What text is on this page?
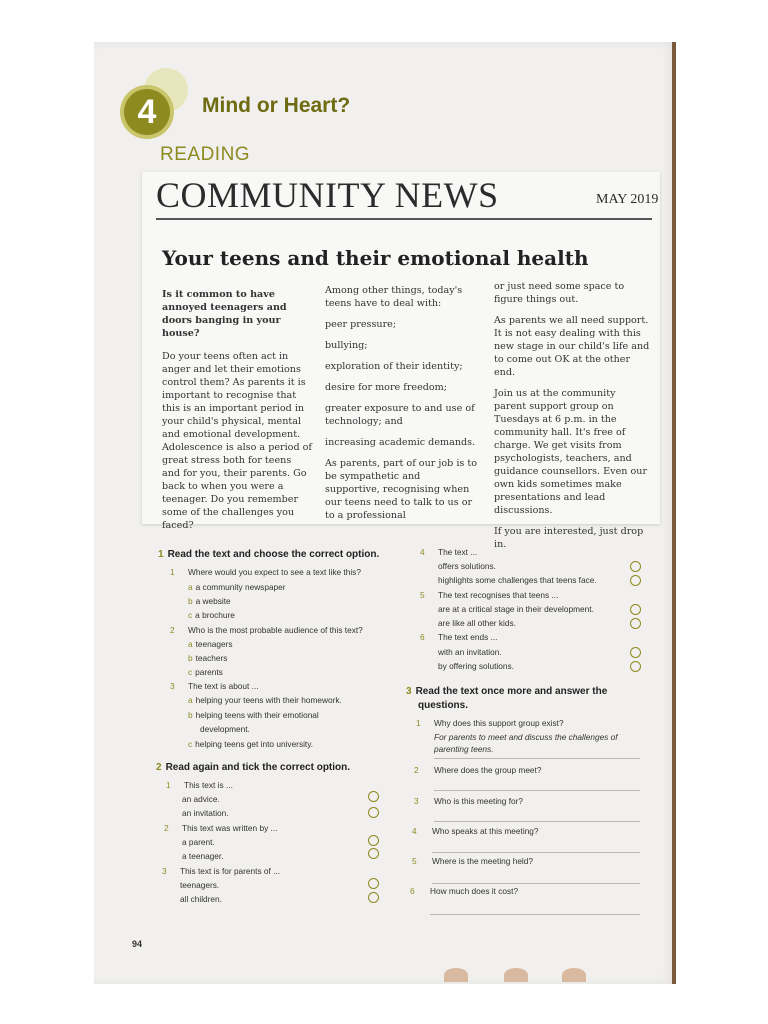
4	Mind or Heart?
READING
COMMUNITY NEWS	MAY 2019
Your teens and their emotional health

Is it common to have annoyed teenagers and doors banging in your house?

Do your teens often act in anger and let their emotions control them? As parents it is important to recognise that this is an important period in your child's physical, mental and emotional development. Adolescence is also a period of great stress both for teens and for you, their parents. Go back to when you were a teenager. Do you remember some of the challenges you faced?

Among other things, today's teens have to deal with:

peer pressure;

bullying;

exploration of their identity;

desire for more freedom;

greater exposure to and use of technology; and

increasing academic demands.

As parents, part of our job is to be sympathetic and supportive, recognising when our teens need to talk to us or to a professional

or just need some space to figure things out.

As parents we all need support. It is not easy dealing with this new stage in our child's life and to come out OK at the other end.

Join us at the community parent support group on Tuesdays at 6 p.m. in the community hall. It's free of charge. We get visits from psychologists, teachers, and guidance counsellors. Even our own kids sometimes make presentations and lead discussions.

If you are interested, just drop in.

1 Read the text and choose the correct option.
1 Where would you expect to see a text like this?
a a community newspaper
b a website
c a brochure
2 Who is the most probable audience of this text?
a teenagers
b teachers
c parents
3 The text is about ...
a helping your teens with their homework.
b helping teens with their emotional
development.
c helping teens get into university.
4 The text ...
offers solutions.
highlights some challenges that teens face.
5 The text recognises that teens ...
are at a critical stage in their development.
are like all other kids.
6 The text ends ...
with an invitation.
by offering solutions.
2 Read again and tick the correct option.
1 This text is ...
an advice.
an invitation.
2 This text was written by ...
a parent.
a teenager.
3 This text is for parents of ...
teenagers.
all children.
3 Read the text once more and answer the
questions.
1 Why does this support group exist?
For parents to meet and discuss the challenges of
parenting teens.
2 Where does the group meet?
3 Who is this meeting for?
4 Who speaks at this meeting?
5 Where is the meeting held?
6 How much does it cost?
94
